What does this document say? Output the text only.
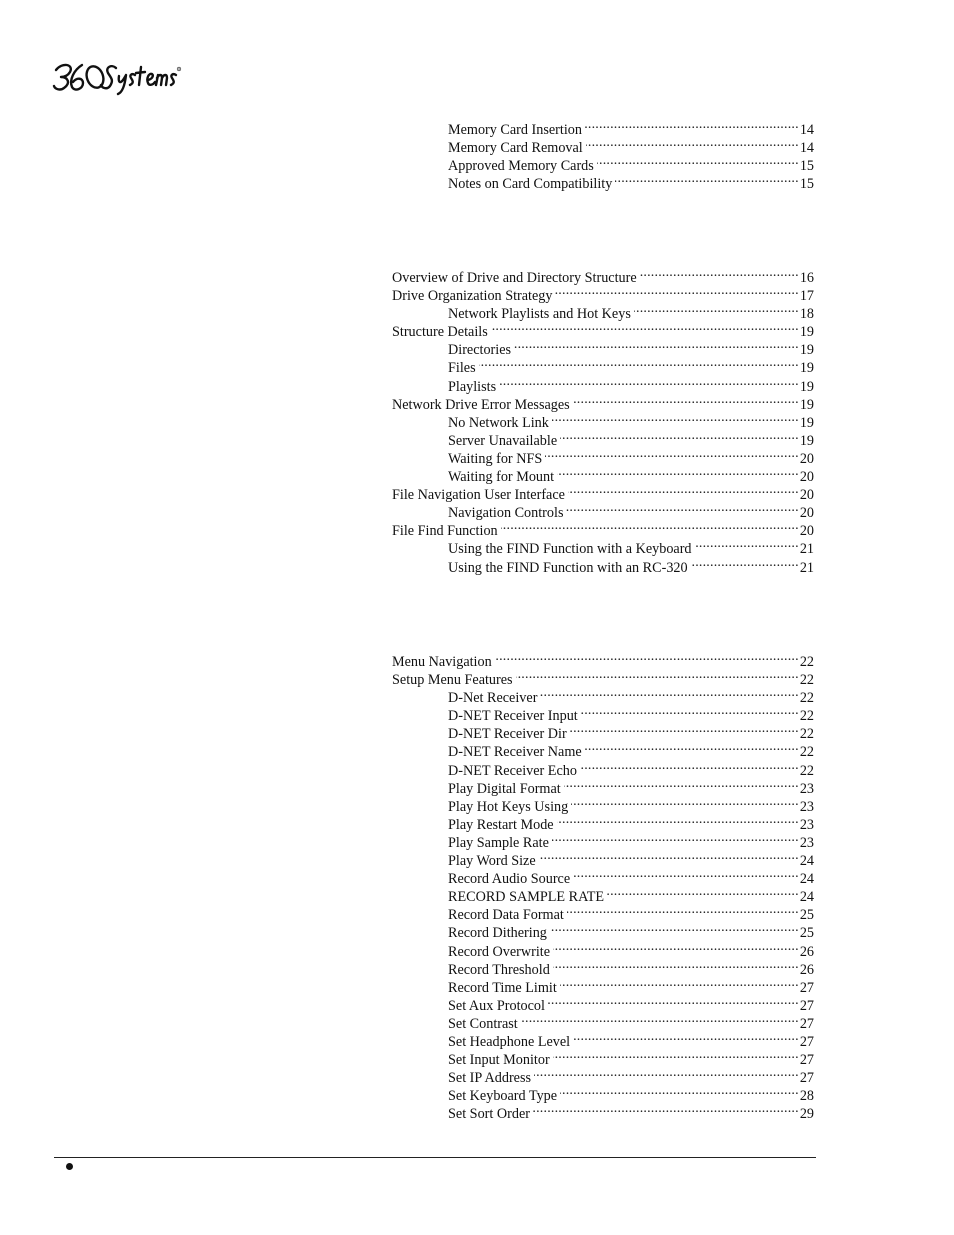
R
Memory Card Insertion .....	14
Memory Card Removal .....	14
Approved Memory Cards .....	15
Notes on Card Compatibility .....	15
Overview of Drive and Directory Structure .....	16
Drive Organization Strategy .....	17
Network Playlists and Hot Keys .....	18
Structure Details .....	19
Directories .....	19
Files .....	19
Playlists .....	19
Network Drive Error Messages .....	19
No Network Link .....	19
Server Unavailable .....	19
Waiting for NFS .....	20
Waiting for Mount .....	20
File Navigation User Interface .....	20
Navigation Controls .....	20
File Find Function .....	20
Using the FIND Function with a Keyboard .....	21
Using the FIND Function with an RC-320 .....	21
Menu Navigation .....	22
Setup Menu Features .....	22
D-Net Receiver .....	22
D-NET Receiver Input .....	22
D-NET Receiver Dir .....	22
D-NET Receiver Name .....	22
D-NET Receiver Echo .....	22
Play Digital Format .....	23
Play Hot Keys Using .....	23
Play Restart Mode .....	23
Play Sample Rate .....	23
Play Word Size .....	24
Record Audio Source .....	24
RECORD SAMPLE RATE .....	24
Record Data Format .....	25
Record Dithering .....	25
Record Overwrite .....	26
Record Threshold .....	26
Record Time Limit .....	27
Set Aux Protocol .....	27
Set Contrast .....	27
Set Headphone Level .....	27
Set Input Monitor .....	27
Set IP Address .....	27
Set Keyboard Type .....	28
Set Sort Order .....	29
